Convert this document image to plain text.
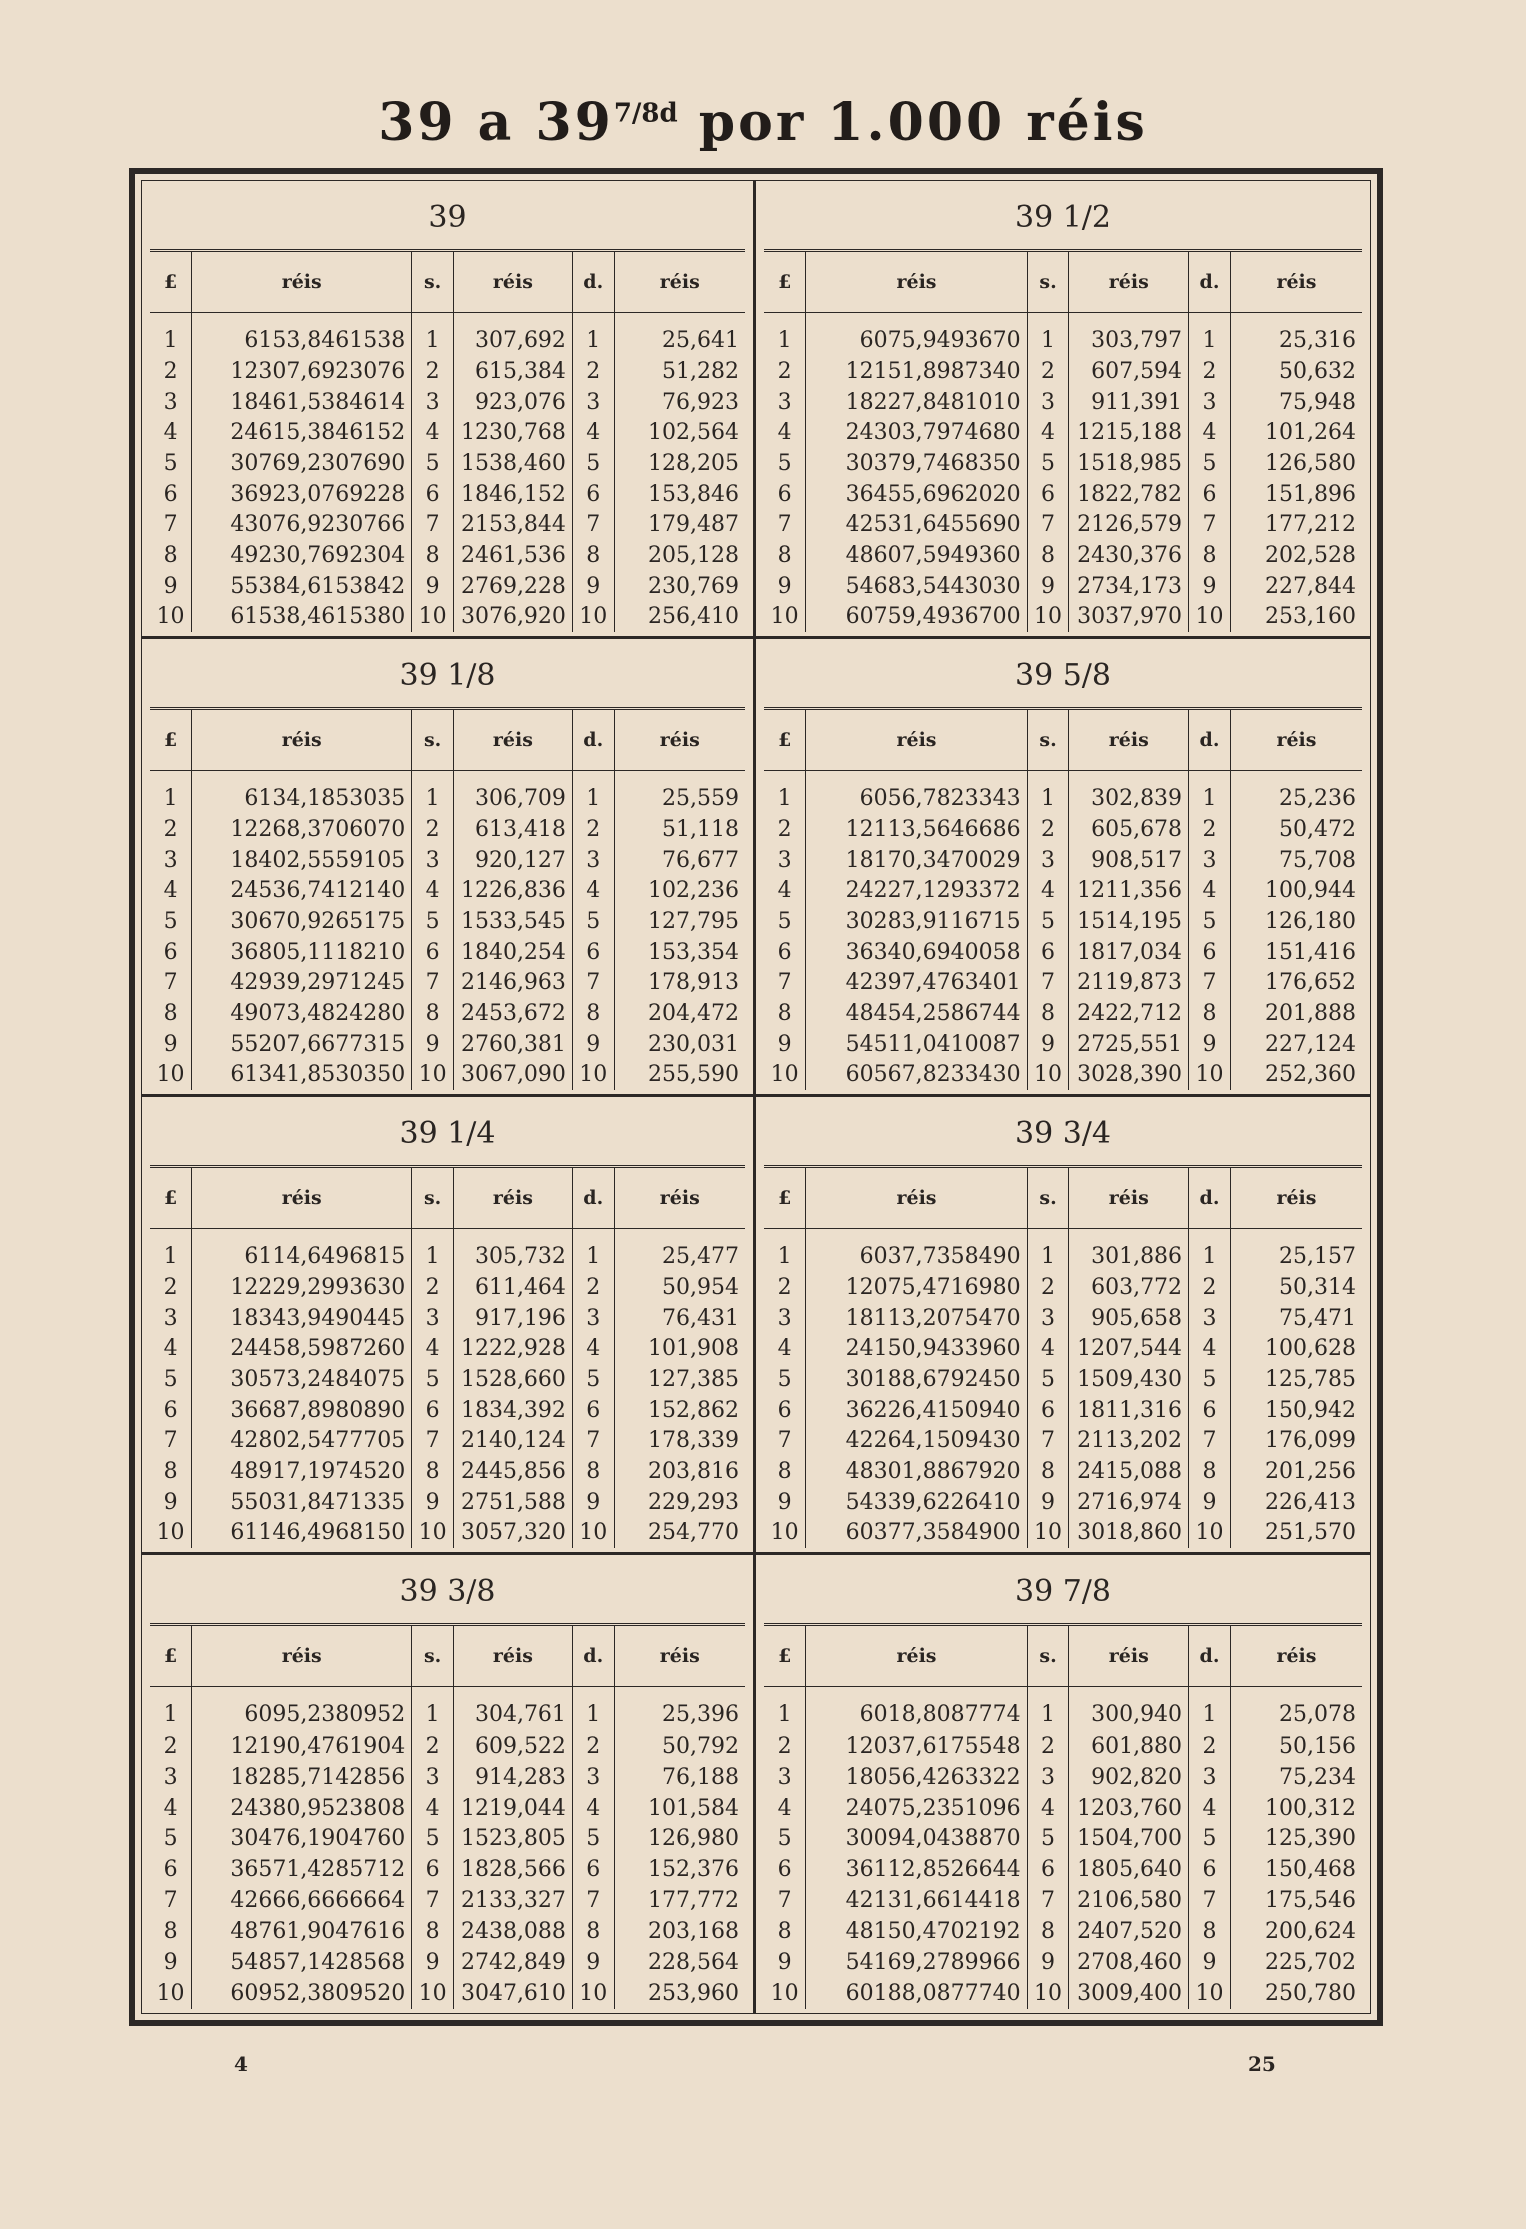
39 a $39^{7/8d}$ por 1.000 réis
39
£	réis	s.	réis	d.	réis
1	6153,8461538	1	307,692	1	25,641
2	12307,6923076	2	615,384	2	51,282
3	18461,5384614	3	923,076	3	76,923
4	24615,3846152	4	1230,768	4	102,564
5	30769,2307690	5	1538,460	5	128,205
6	36923,0769228	6	1846,152	6	153,846
7	43076,9230766	7	2153,844	7	179,487
8	49230,7692304	8	2461,536	8	205,128
9	55384,6153842	9	2769,228	9	230,769
10	61538,4615380	10	3076,920	10	256,410
39 1/2
£	réis	s.	réis	d.	réis
1	6075,9493670	1	303,797	1	25,316
2	12151,8987340	2	607,594	2	50,632
3	18227,8481010	3	911,391	3	75,948
4	24303,7974680	4	1215,188	4	101,264
5	30379,7468350	5	1518,985	5	126,580
6	36455,6962020	6	1822,782	6	151,896
7	42531,6455690	7	2126,579	7	177,212
8	48607,5949360	8	2430,376	8	202,528
9	54683,5443030	9	2734,173	9	227,844
10	60759,4936700	10	3037,970	10	253,160
39 1/8
£	réis	s.	réis	d.	réis
1	6134,1853035	1	306,709	1	25,559
2	12268,3706070	2	613,418	2	51,118
3	18402,5559105	3	920,127	3	76,677
4	24536,7412140	4	1226,836	4	102,236
5	30670,9265175	5	1533,545	5	127,795
6	36805,1118210	6	1840,254	6	153,354
7	42939,2971245	7	2146,963	7	178,913
8	49073,4824280	8	2453,672	8	204,472
9	55207,6677315	9	2760,381	9	230,031
10	61341,8530350	10	3067,090	10	255,590
39 5/8
£	réis	s.	réis	d.	réis
1	6056,7823343	1	302,839	1	25,236
2	12113,5646686	2	605,678	2	50,472
3	18170,3470029	3	908,517	3	75,708
4	24227,1293372	4	1211,356	4	100,944
5	30283,9116715	5	1514,195	5	126,180
6	36340,6940058	6	1817,034	6	151,416
7	42397,4763401	7	2119,873	7	176,652
8	48454,2586744	8	2422,712	8	201,888
9	54511,0410087	9	2725,551	9	227,124
10	60567,8233430	10	3028,390	10	252,360
39 1/4
£	réis	s.	réis	d.	réis
1	6114,6496815	1	305,732	1	25,477
2	12229,2993630	2	611,464	2	50,954
3	18343,9490445	3	917,196	3	76,431
4	24458,5987260	4	1222,928	4	101,908
5	30573,2484075	5	1528,660	5	127,385
6	36687,8980890	6	1834,392	6	152,862
7	42802,5477705	7	2140,124	7	178,339
8	48917,1974520	8	2445,856	8	203,816
9	55031,8471335	9	2751,588	9	229,293
10	61146,4968150	10	3057,320	10	254,770
39 3/4
£	réis	s.	réis	d.	réis
1	6037,7358490	1	301,886	1	25,157
2	12075,4716980	2	603,772	2	50,314
3	18113,2075470	3	905,658	3	75,471
4	24150,9433960	4	1207,544	4	100,628
5	30188,6792450	5	1509,430	5	125,785
6	36226,4150940	6	1811,316	6	150,942
7	42264,1509430	7	2113,202	7	176,099
8	48301,8867920	8	2415,088	8	201,256
9	54339,6226410	9	2716,974	9	226,413
10	60377,3584900	10	3018,860	10	251,570
39 3/8
£	réis	s.	réis	d.	réis
1	6095,2380952	1	304,761	1	25,396
2	12190,4761904	2	609,522	2	50,792
3	18285,7142856	3	914,283	3	76,188
4	24380,9523808	4	1219,044	4	101,584
5	30476,1904760	5	1523,805	5	126,980
6	36571,4285712	6	1828,566	6	152,376
7	42666,6666664	7	2133,327	7	177,772
8	48761,9047616	8	2438,088	8	203,168
9	54857,1428568	9	2742,849	9	228,564
10	60952,3809520	10	3047,610	10	253,960
39 7/8
£	réis	s.	réis	d.	réis
1	6018,8087774	1	300,940	1	25,078
2	12037,6175548	2	601,880	2	50,156
3	18056,4263322	3	902,820	3	75,234
4	24075,2351096	4	1203,760	4	100,312
5	30094,0438870	5	1504,700	5	125,390
6	36112,8526644	6	1805,640	6	150,468
7	42131,6614418	7	2106,580	7	175,546
8	48150,4702192	8	2407,520	8	200,624
9	54169,2789966	9	2708,460	9	225,702
10	60188,0877740	10	3009,400	10	250,780
4	25
